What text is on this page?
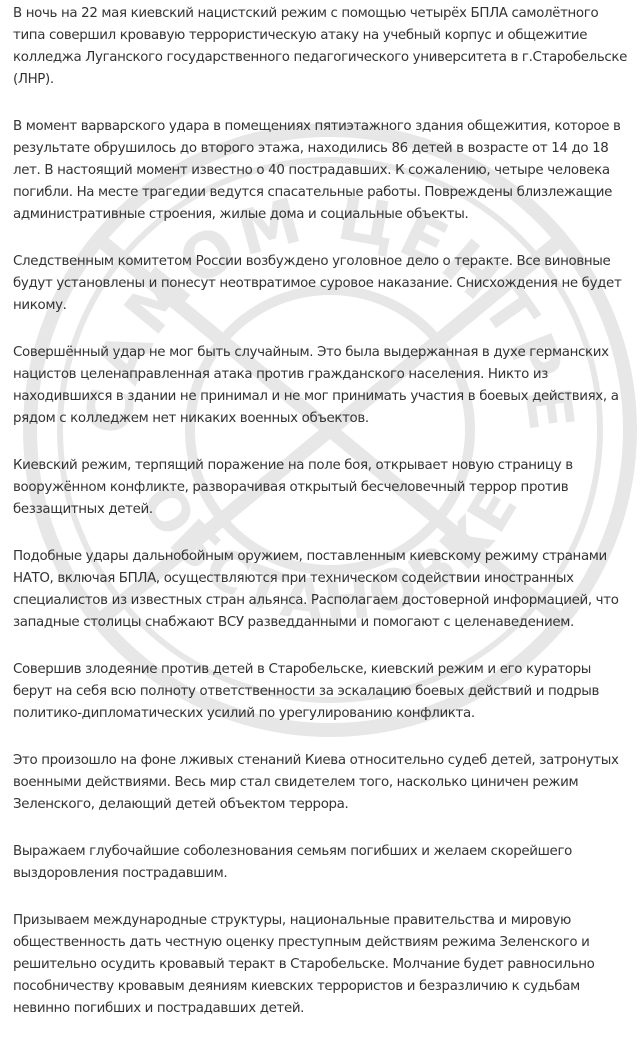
САМОМ ЦЕНТРЕ
ОБСТАНОВКЕ

В ночь на 22 мая киевский нацистский режим с помощью четырёх БПЛА самолётного типа совершил кровавую террористическую атаку на учебный корпус и общежитие колледжа Луганского государственного педагогического университета в г.Старобельске (ЛНР).

В момент варварского удара в помещениях пятиэтажного здания общежития, которое в результате обрушилось до второго этажа, находились 86 детей в возрасте от 14 до 18 лет. В настоящий момент известно о 40 пострадавших. К сожалению, четыре человека погибли. На месте трагедии ведутся спасательные работы. Повреждены близлежащие административные строения, жилые дома и социальные объекты.

Следственным комитетом России возбуждено уголовное дело о теракте. Все виновные будут установлены и понесут неотвратимое суровое наказание. Снисхождения не будет никому.

Совершённый удар не мог быть случайным. Это была выдержанная в духе германских нацистов целенаправленная атака против гражданского населения. Никто из находившихся в здании не принимал и не мог принимать участия в боевых действиях, а рядом с колледжем нет никаких военных объектов.

Киевский режим, терпящий поражение на поле боя, открывает новую страницу в вооружённом конфликте, разворачивая открытый бесчеловечный террор против беззащитных детей.

Подобные удары дальнобойным оружием, поставленным киевскому режиму странами НАТО, включая БПЛА, осуществляются при техническом содействии иностранных специалистов из известных стран альянса. Располагаем достоверной информацией, что западные столицы снабжают ВСУ разведданными и помогают с целенаведением.

Совершив злодеяние против детей в Старобельске, киевский режим и его кураторы берут на себя всю полноту ответственности за эскалацию боевых действий и подрыв политико-дипломатических усилий по урегулированию конфликта.

Это произошло на фоне лживых стенаний Киева относительно судеб детей, затронутых военными действиями. Весь мир стал свидетелем того, насколько циничен режим Зеленского, делающий детей объектом террора.

Выражаем глубочайшие соболезнования семьям погибших и желаем скорейшего выздоровления пострадавшим.

Призываем международные структуры, национальные правительства и мировую общественность дать честную оценку преступным действиям режима Зеленского и решительно осудить кровавый теракт в Старобельске. Молчание будет равносильно пособничеству кровавым деяниям киевских террористов и безразличию к судьбам невинно погибших и пострадавших детей.
